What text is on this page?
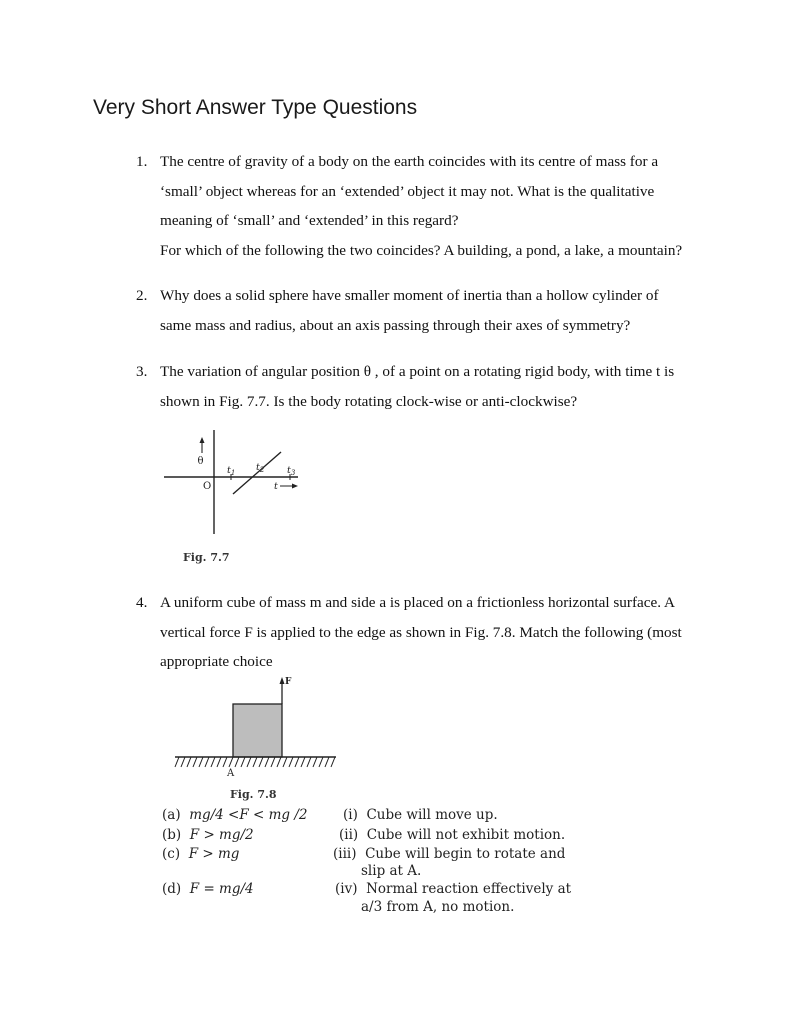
Very Short Answer Type Questions
1. The centre of gravity of a body on the earth coincides with its centre of mass for a
‘small’ object whereas for an ‘extended’ object it may not. What is the qualitative
meaning of ‘small’ and ‘extended’ in this regard?
For which of the following the two coincides? A building, a pond, a lake, a mountain?
2. Why does a solid sphere have smaller moment of inertia than a hollow cylinder of
same mass and radius, about an axis passing through their axes of symmetry?
3. The variation of angular position θ , of a point on a rotating rigid body, with time t is
shown in Fig. 7.7. Is the body rotating clock-wise or anti-clockwise?
θ
O
$t_1$ $t_2$ $t_3$
t
Fig. 7.7
4. A uniform cube of mass m and side a is placed on a frictionless horizontal surface. A
vertical force F is applied to the edge as shown in Fig. 7.8. Match the following (most
appropriate choice
F
A
Fig. 7.8
(a) mg/4 <F < mg /2
(b) F > mg/2
(c) F > mg
(d) F = mg/4
(i) Cube will move up.
(ii) Cube will not exhibit motion.
(iii) Cube will begin to rotate and
slip at A.
(iv) Normal reaction effectively at
a/3 from A, no motion.
